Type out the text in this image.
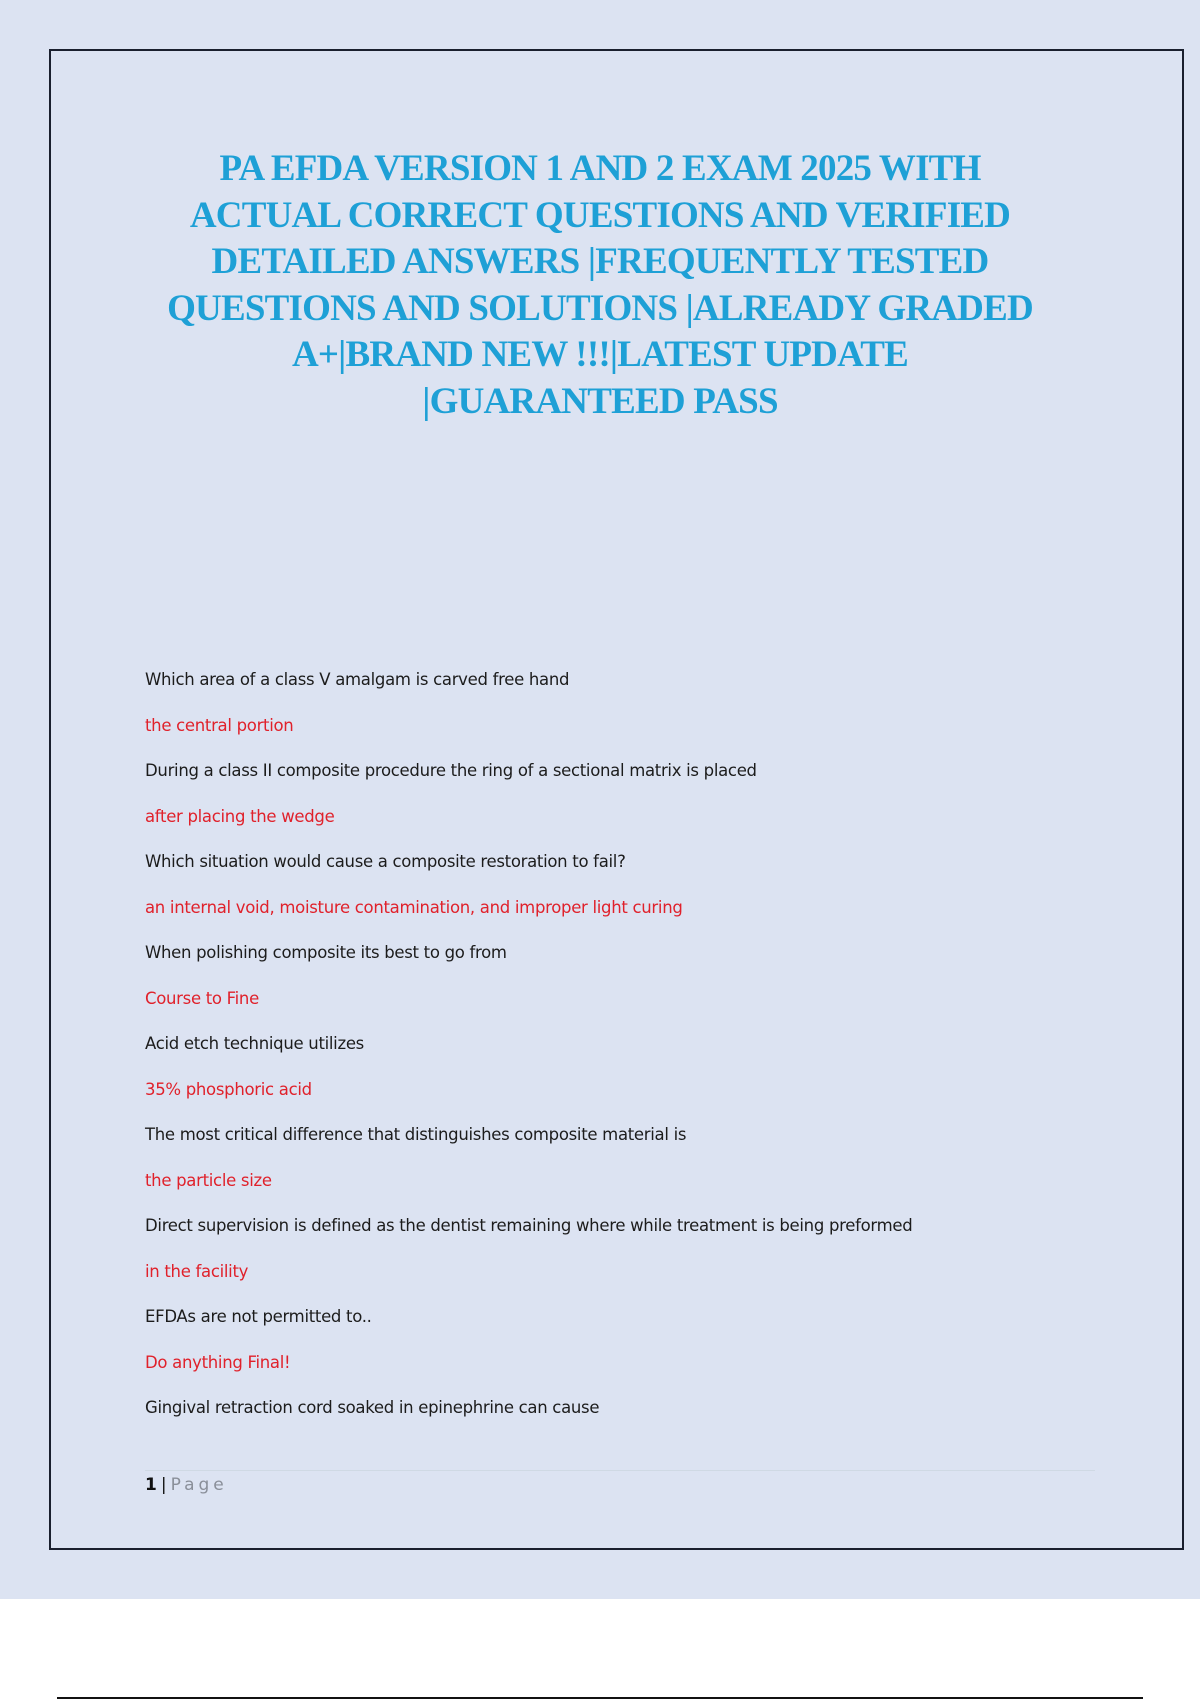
PA EFDA VERSION 1 AND 2 EXAM 2025 WITH
ACTUAL CORRECT QUESTIONS AND VERIFIED
DETAILED ANSWERS |FREQUENTLY TESTED
QUESTIONS AND SOLUTIONS |ALREADY GRADED
A+|BRAND NEW !!!|LATEST UPDATE
|GUARANTEED PASS
Which area of a class V amalgam is carved free hand
the central portion
During a class II composite procedure the ring of a sectional matrix is placed
after placing the wedge
Which situation would cause a composite restoration to fail?
an internal void, moisture contamination, and improper light curing
When polishing composite its best to go from
Course to Fine
Acid etch technique utilizes
35% phosphoric acid
The most critical difference that distinguishes composite material is
the particle size
Direct supervision is defined as the dentist remaining where while treatment is being preformed
in the facility
EFDAs are not permitted to..
Do anything Final!
Gingival retraction cord soaked in epinephrine can cause
1 | Page
